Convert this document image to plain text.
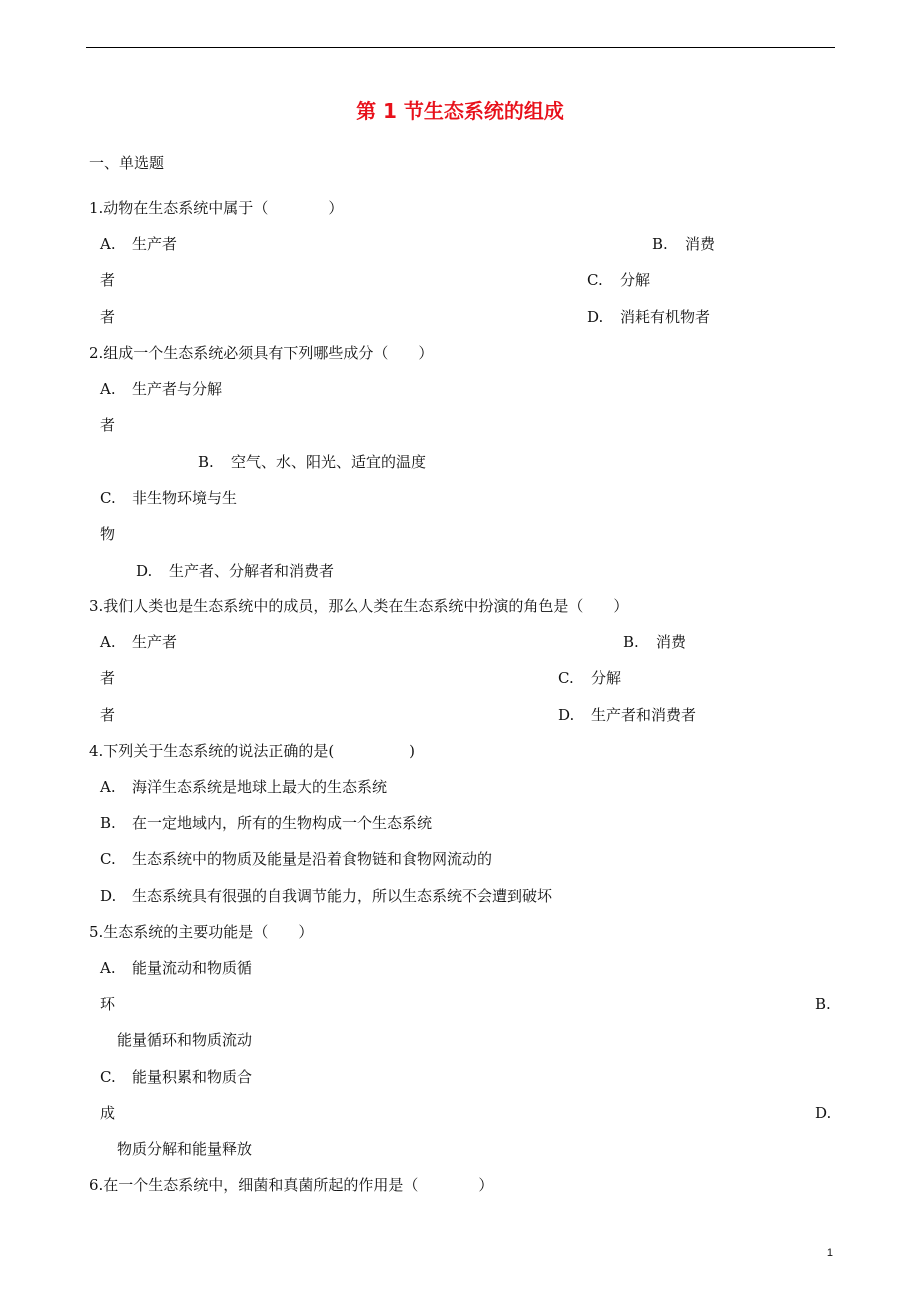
第 1 节生态系统的组成
一、单选题
1.动物在生态系统中属于（　　　　）
A. 生产者	B. 消费
者	C. 分解
者	D. 消耗有机物者
2.组成一个生态系统必须具有下列哪些成分（　　）
A. 生产者与分解
者
B. 空气、水、阳光、适宜的温度
C. 非生物环境与生
物
D. 生产者、分解者和消费者
3.我们人类也是生态系统中的成员，那么人类在生态系统中扮演的角色是（　　）
A. 生产者	B. 消费
者	C. 分解
者	D. 生产者和消费者
4.下列关于生态系统的说法正确的是(　　　　　)
A. 海洋生态系统是地球上最大的生态系统
B. 在一定地域内，所有的生物构成一个生态系统
C. 生态系统中的物质及能量是沿着食物链和食物网流动的
D. 生态系统具有很强的自我调节能力，所以生态系统不会遭到破坏
5.生态系统的主要功能是（　　）
A. 能量流动和物质循
环	B.
能量循环和物质流动
C. 能量积累和物质合
成	D.
物质分解和能量释放
6.在一个生态系统中，细菌和真菌所起的作用是（　　　　）
1
